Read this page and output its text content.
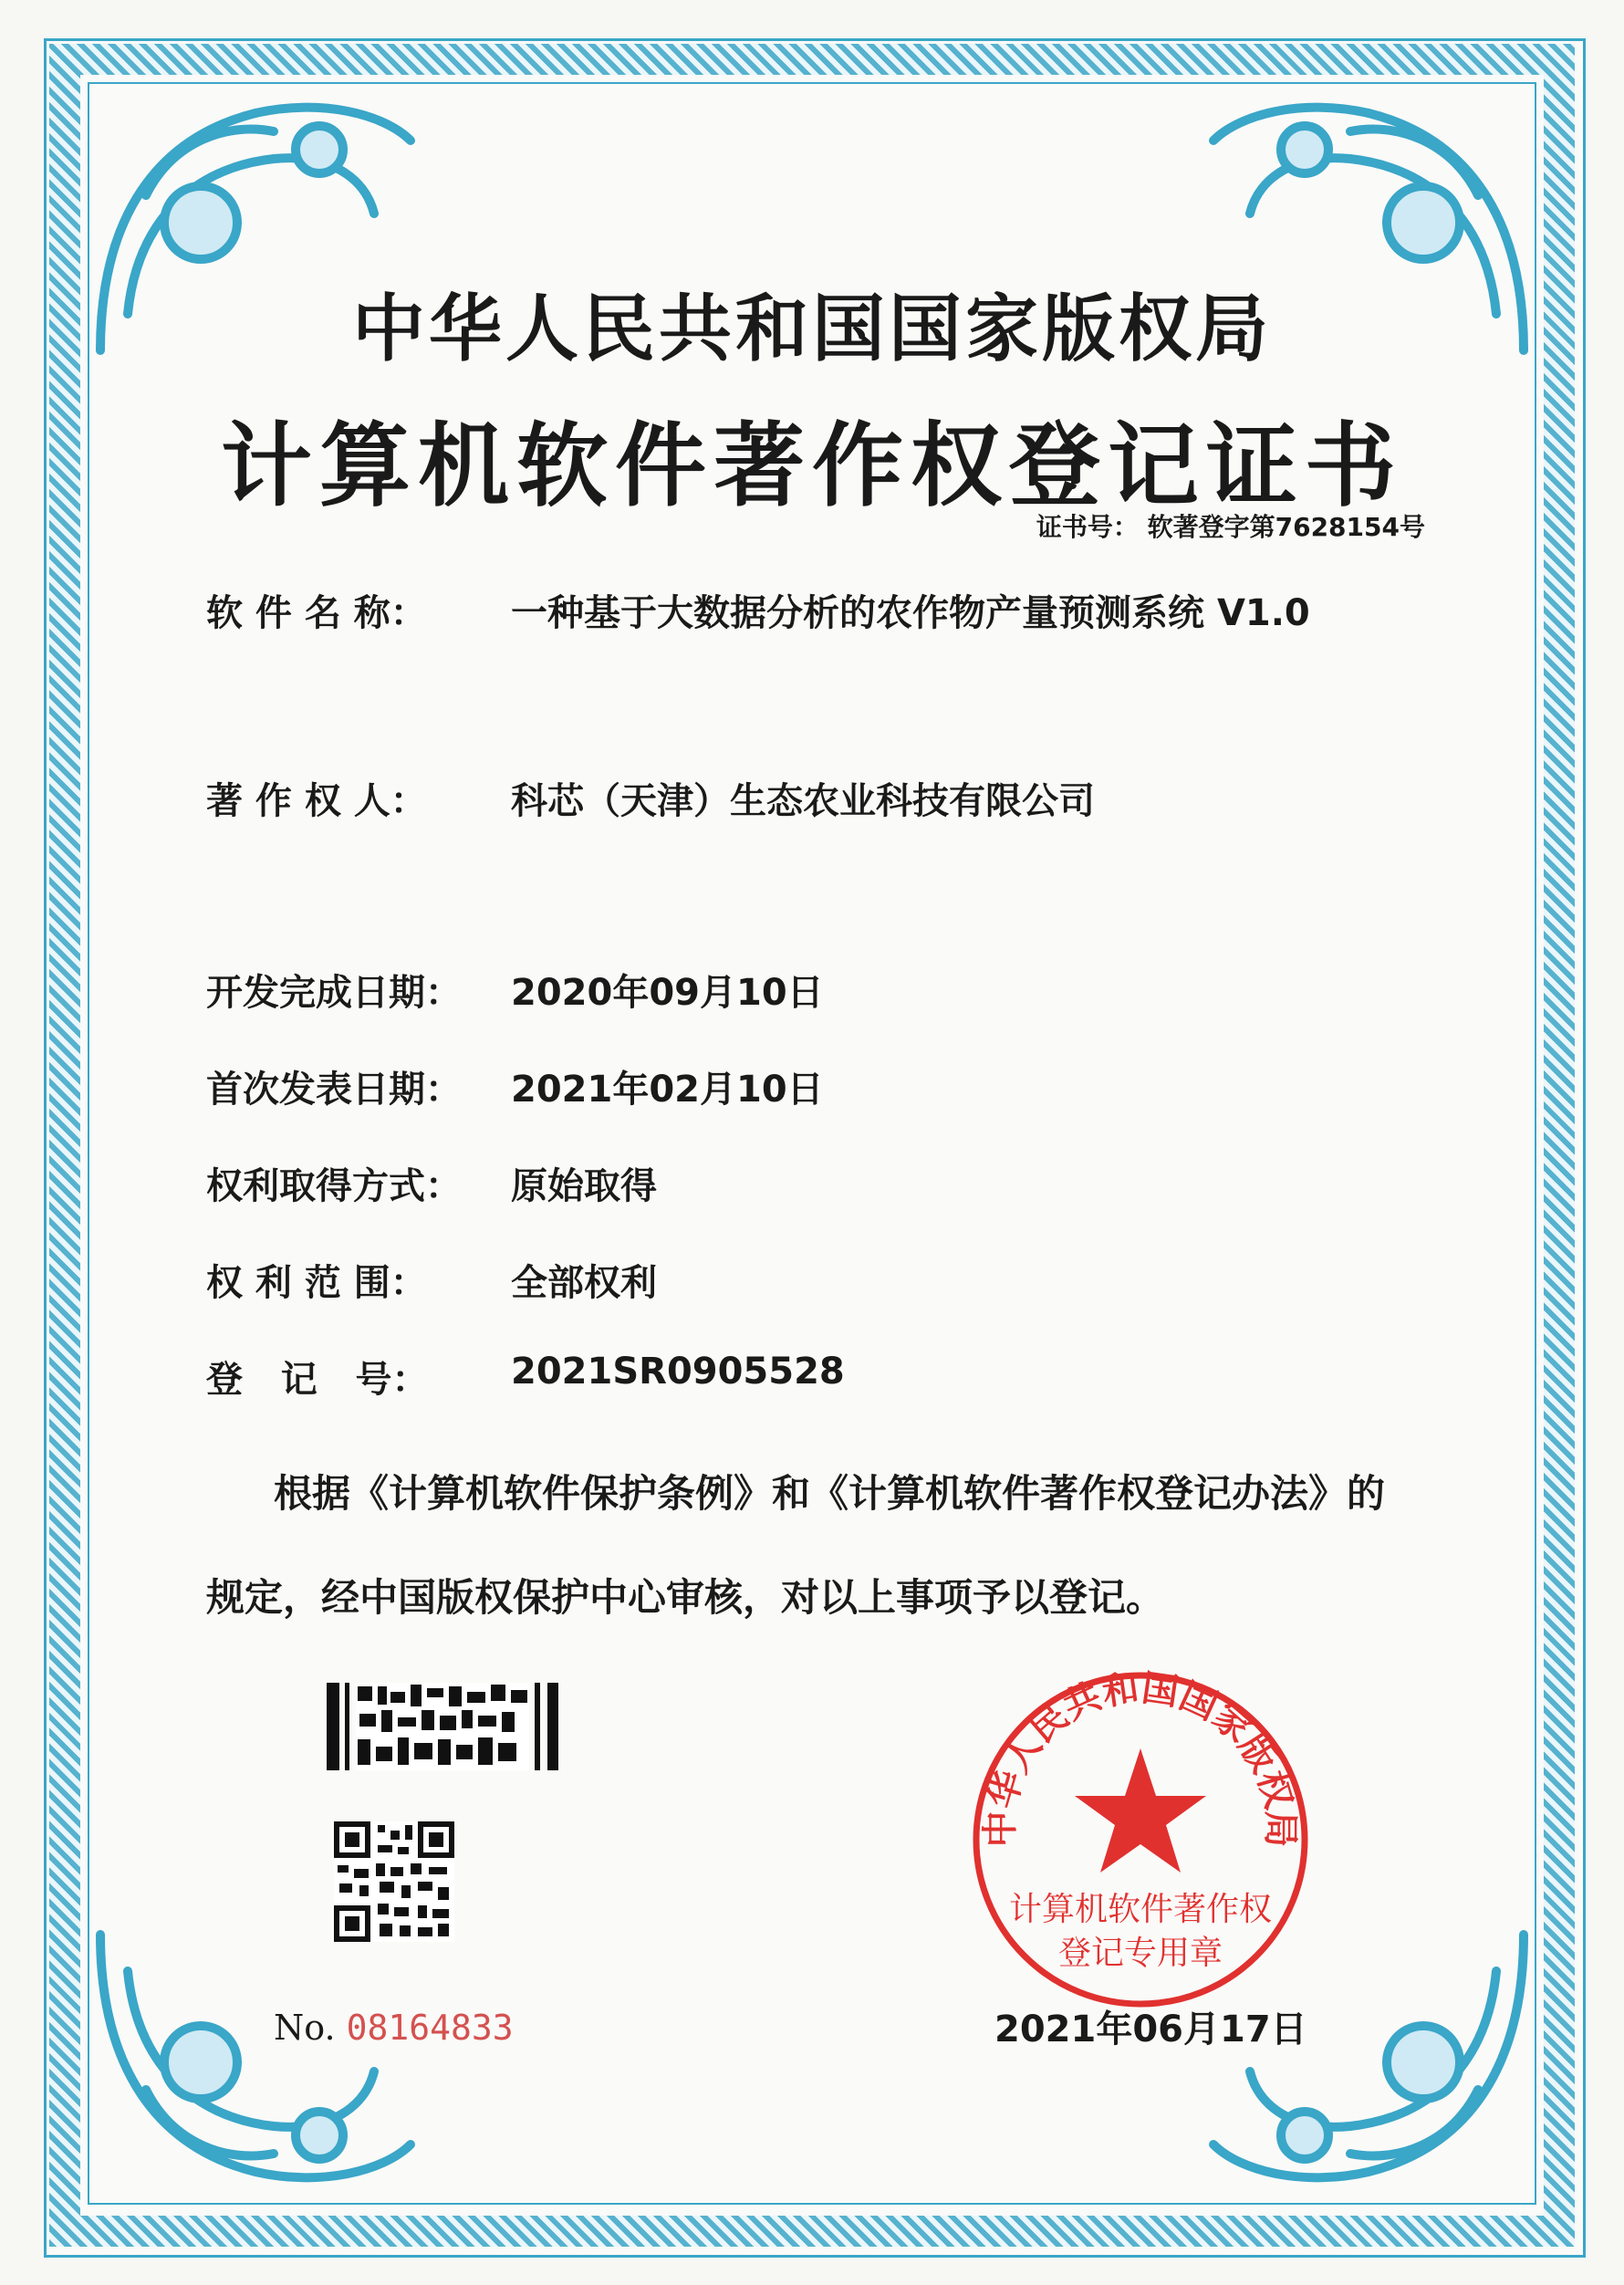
中华人民共和国国家版权局
计算机软件著作权登记证书
证书号： 软著登字第7628154号
软 件 名 称：	一种基于大数据分析的农作物产量预测系统 V1.0
著 作 权 人：	科芯（天津）生态农业科技有限公司
开发完成日期：	2020年09月10日
首次发表日期：	2021年02月10日
权利取得方式：	原始取得
权 利 范 围：	全部权利
登   记   号：	2021SR0905528
根据《计算机软件保护条例》和《计算机软件著作权登记办法》的
规定，经中国版权保护中心审核，对以上事项予以登记。
No. 08164833
中华人民共和国国家版权局
计算机软件著作权
登记专用章
2021年06月17日
